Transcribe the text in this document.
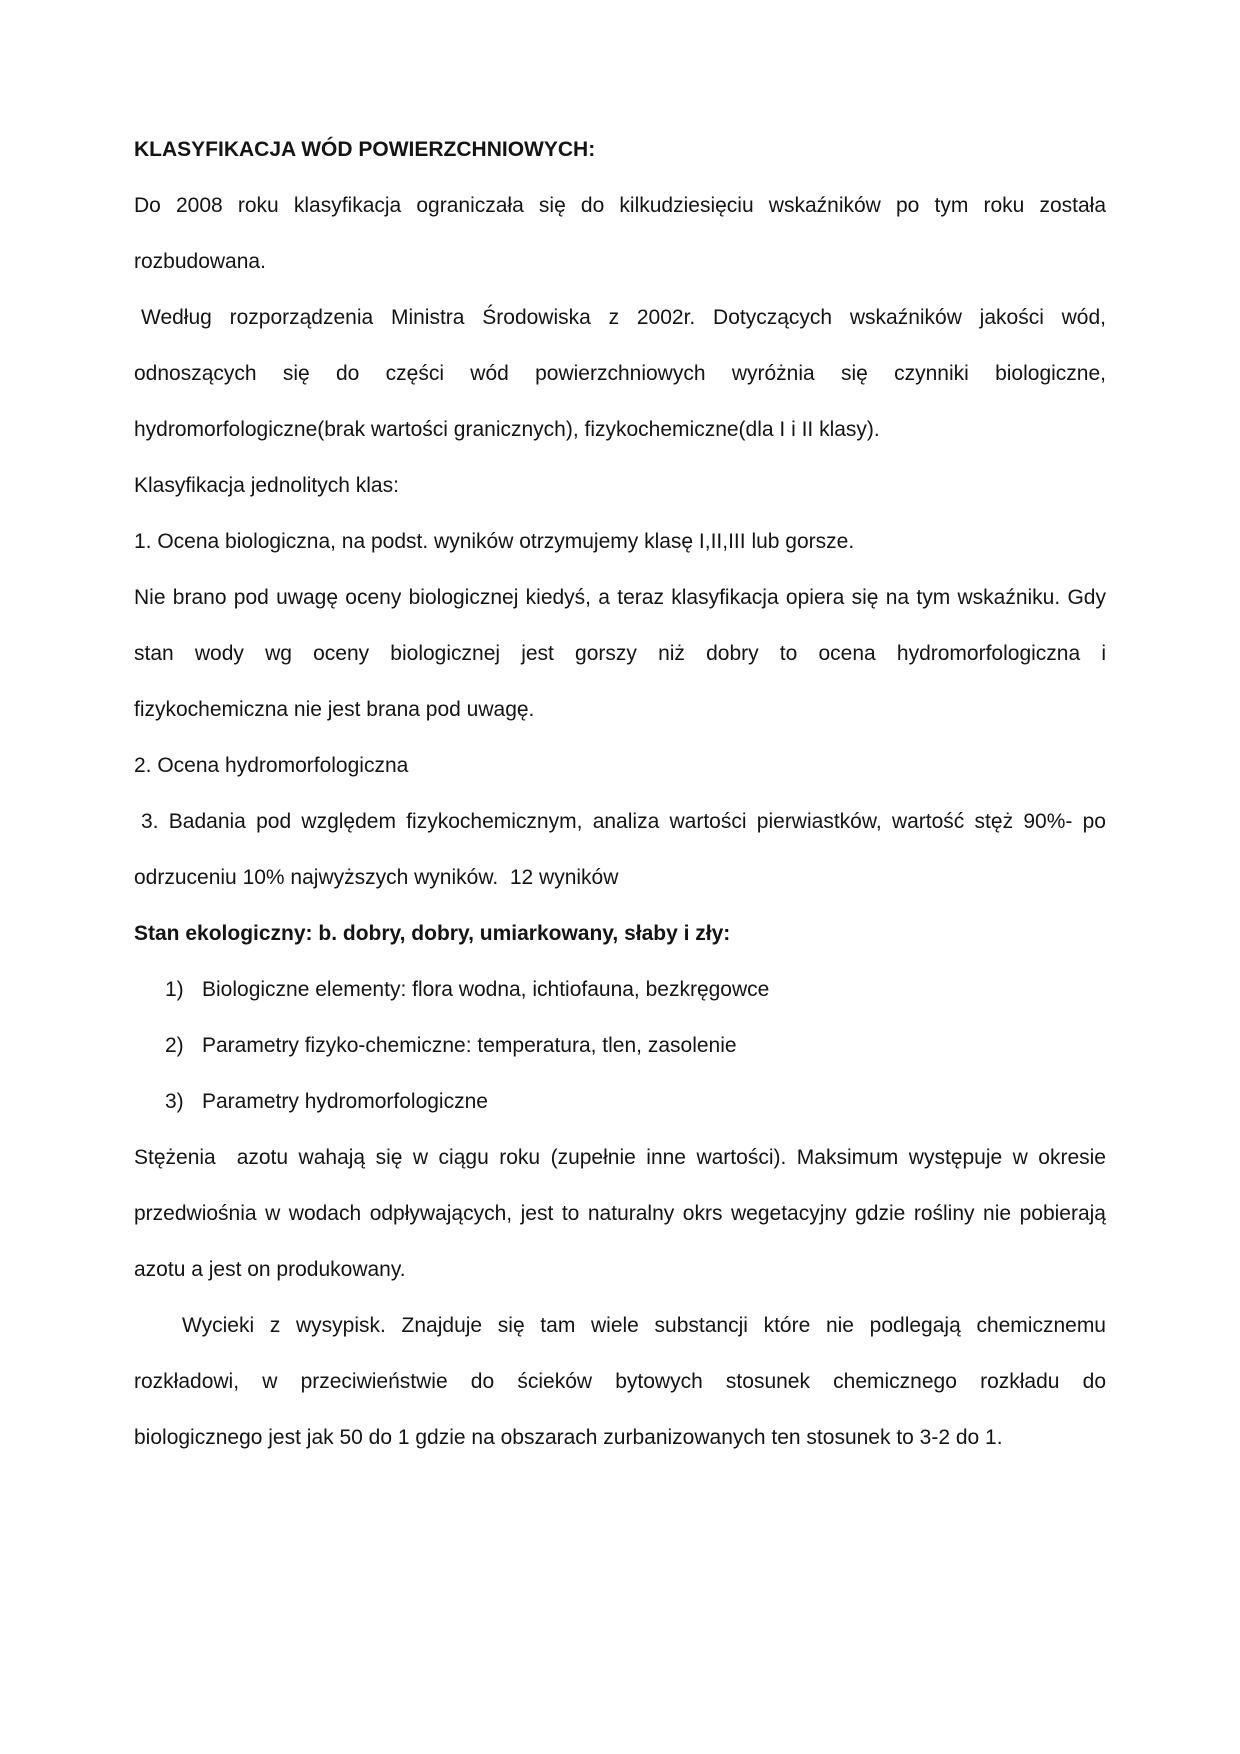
KLASYFIKACJA WÓD POWIERZCHNIOWYCH:
Do 2008 roku klasyfikacja ograniczała się do kilkudziesięciu wskaźników po tym roku została
rozbudowana.
Według rozporządzenia Ministra Środowiska z 2002r. Dotyczących wskaźników jakości wód,
odnoszących się do części wód powierzchniowych wyróżnia się czynniki biologiczne,
hydromorfologiczne(brak wartości granicznych), fizykochemiczne(dla I i II klasy).
Klasyfikacja jednolitych klas:
1. Ocena biologiczna, na podst. wyników otrzymujemy klasę I,II,III lub gorsze.
Nie brano pod uwagę oceny biologicznej kiedyś, a teraz klasyfikacja opiera się na tym wskaźniku. Gdy
stan wody wg oceny biologicznej jest gorszy niż dobry to ocena hydromorfologiczna i
fizykochemiczna nie jest brana pod uwagę.
2. Ocena hydromorfologiczna
3. Badania pod względem fizykochemicznym, analiza wartości pierwiastków, wartość stęż 90%- po
odrzuceniu 10% najwyższych wyników.  12 wyników
Stan ekologiczny: b. dobry, dobry, umiarkowany, słaby i zły:
1) Biologiczne elementy: flora wodna, ichtiofauna, bezkręgowce
2) Parametry fizyko-chemiczne: temperatura, tlen, zasolenie
3) Parametry hydromorfologiczne
Stężenia  azotu wahają się w ciągu roku (zupełnie inne wartości). Maksimum występuje w okresie
przedwiośnia w wodach odpływających, jest to naturalny okrs wegetacyjny gdzie rośliny nie pobierają
azotu a jest on produkowany.
Wycieki z wysypisk. Znajduje się tam wiele substancji które nie podlegają chemicznemu
rozkładowi, w przeciwieństwie do ścieków bytowych stosunek chemicznego rozkładu do
biologicznego jest jak 50 do 1 gdzie na obszarach zurbanizowanych ten stosunek to 3-2 do 1.
